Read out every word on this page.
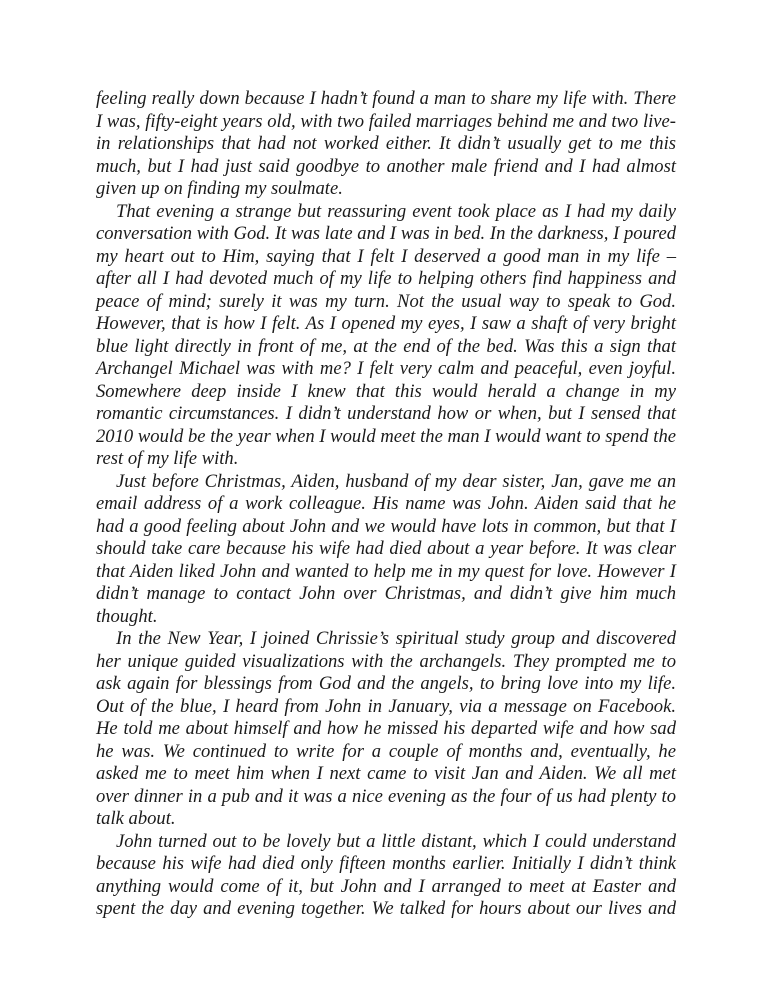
feeling really down because I hadn’t found a man to share my life with. There I was, fifty-eight years old, with two failed marriages behind me and two live-in relationships that had not worked either. It didn’t usually get to me this much, but I had just said goodbye to another male friend and I had almost given up on finding my soulmate.

That evening a strange but reassuring event took place as I had my daily conversation with God. It was late and I was in bed. In the darkness, I poured my heart out to Him, saying that I felt I deserved a good man in my life – after all I had devoted much of my life to helping others find happiness and peace of mind; surely it was my turn. Not the usual way to speak to God. However, that is how I felt. As I opened my eyes, I saw a shaft of very bright blue light directly in front of me, at the end of the bed. Was this a sign that Archangel Michael was with me? I felt very calm and peaceful, even joyful. Somewhere deep inside I knew that this would herald a change in my romantic circumstances. I didn’t understand how or when, but I sensed that 2010 would be the year when I would meet the man I would want to spend the rest of my life with.

Just before Christmas, Aiden, husband of my dear sister, Jan, gave me an email address of a work colleague. His name was John. Aiden said that he had a good feeling about John and we would have lots in common, but that I should take care because his wife had died about a year before. It was clear that Aiden liked John and wanted to help me in my quest for love. However I didn’t manage to contact John over Christmas, and didn’t give him much thought.

In the New Year, I joined Chrissie’s spiritual study group and discovered her unique guided visualizations with the archangels. They prompted me to ask again for blessings from God and the angels, to bring love into my life. Out of the blue, I heard from John in January, via a message on Facebook. He told me about himself and how he missed his departed wife and how sad he was. We continued to write for a couple of months and, eventually, he asked me to meet him when I next came to visit Jan and Aiden. We all met over dinner in a pub and it was a nice evening as the four of us had plenty to talk about.

John turned out to be lovely but a little distant, which I could understand because his wife had died only fifteen months earlier. Initially I didn’t think anything would come of it, but John and I arranged to meet at Easter and spent the day and evening together. We talked for hours about our lives and
